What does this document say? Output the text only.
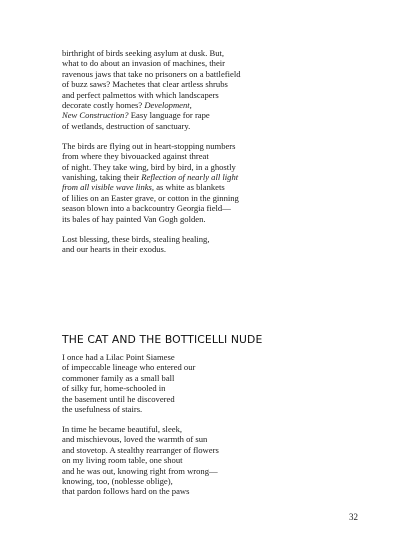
birthright of birds seeking asylum at dusk. But,
what to do about an invasion of machines, their
ravenous jaws that take no prisoners on a battlefield
of buzz saws? Machetes that clear artless shrubs
and perfect palmettos with which landscapers
decorate costly homes? Development,
New Construction? Easy language for rape
of wetlands, destruction of sanctuary.
The birds are flying out in heart-stopping numbers
from where they bivouacked against threat
of night. They take wing, bird by bird, in a ghostly
vanishing, taking their Reflection of nearly all light
from all visible wave links, as white as blankets
of lilies on an Easter grave, or cotton in the ginning
season blown into a backcountry Georgia field—
its bales of hay painted Van Gogh golden.
Lost blessing, these birds, stealing healing,
and our hearts in their exodus.
THE CAT AND THE BOTTICELLI NUDE
I once had a Lilac Point Siamese
of impeccable lineage who entered our
commoner family as a small ball
of silky fur, home-schooled in
the basement until he discovered
the usefulness of stairs.
In time he became beautiful, sleek,
and mischievous, loved the warmth of sun
and stovetop. A stealthy rearranger of flowers
on my living room table, one shout
and he was out, knowing right from wrong—
knowing, too, (noblesse oblige),
that pardon follows hard on the paws
32
